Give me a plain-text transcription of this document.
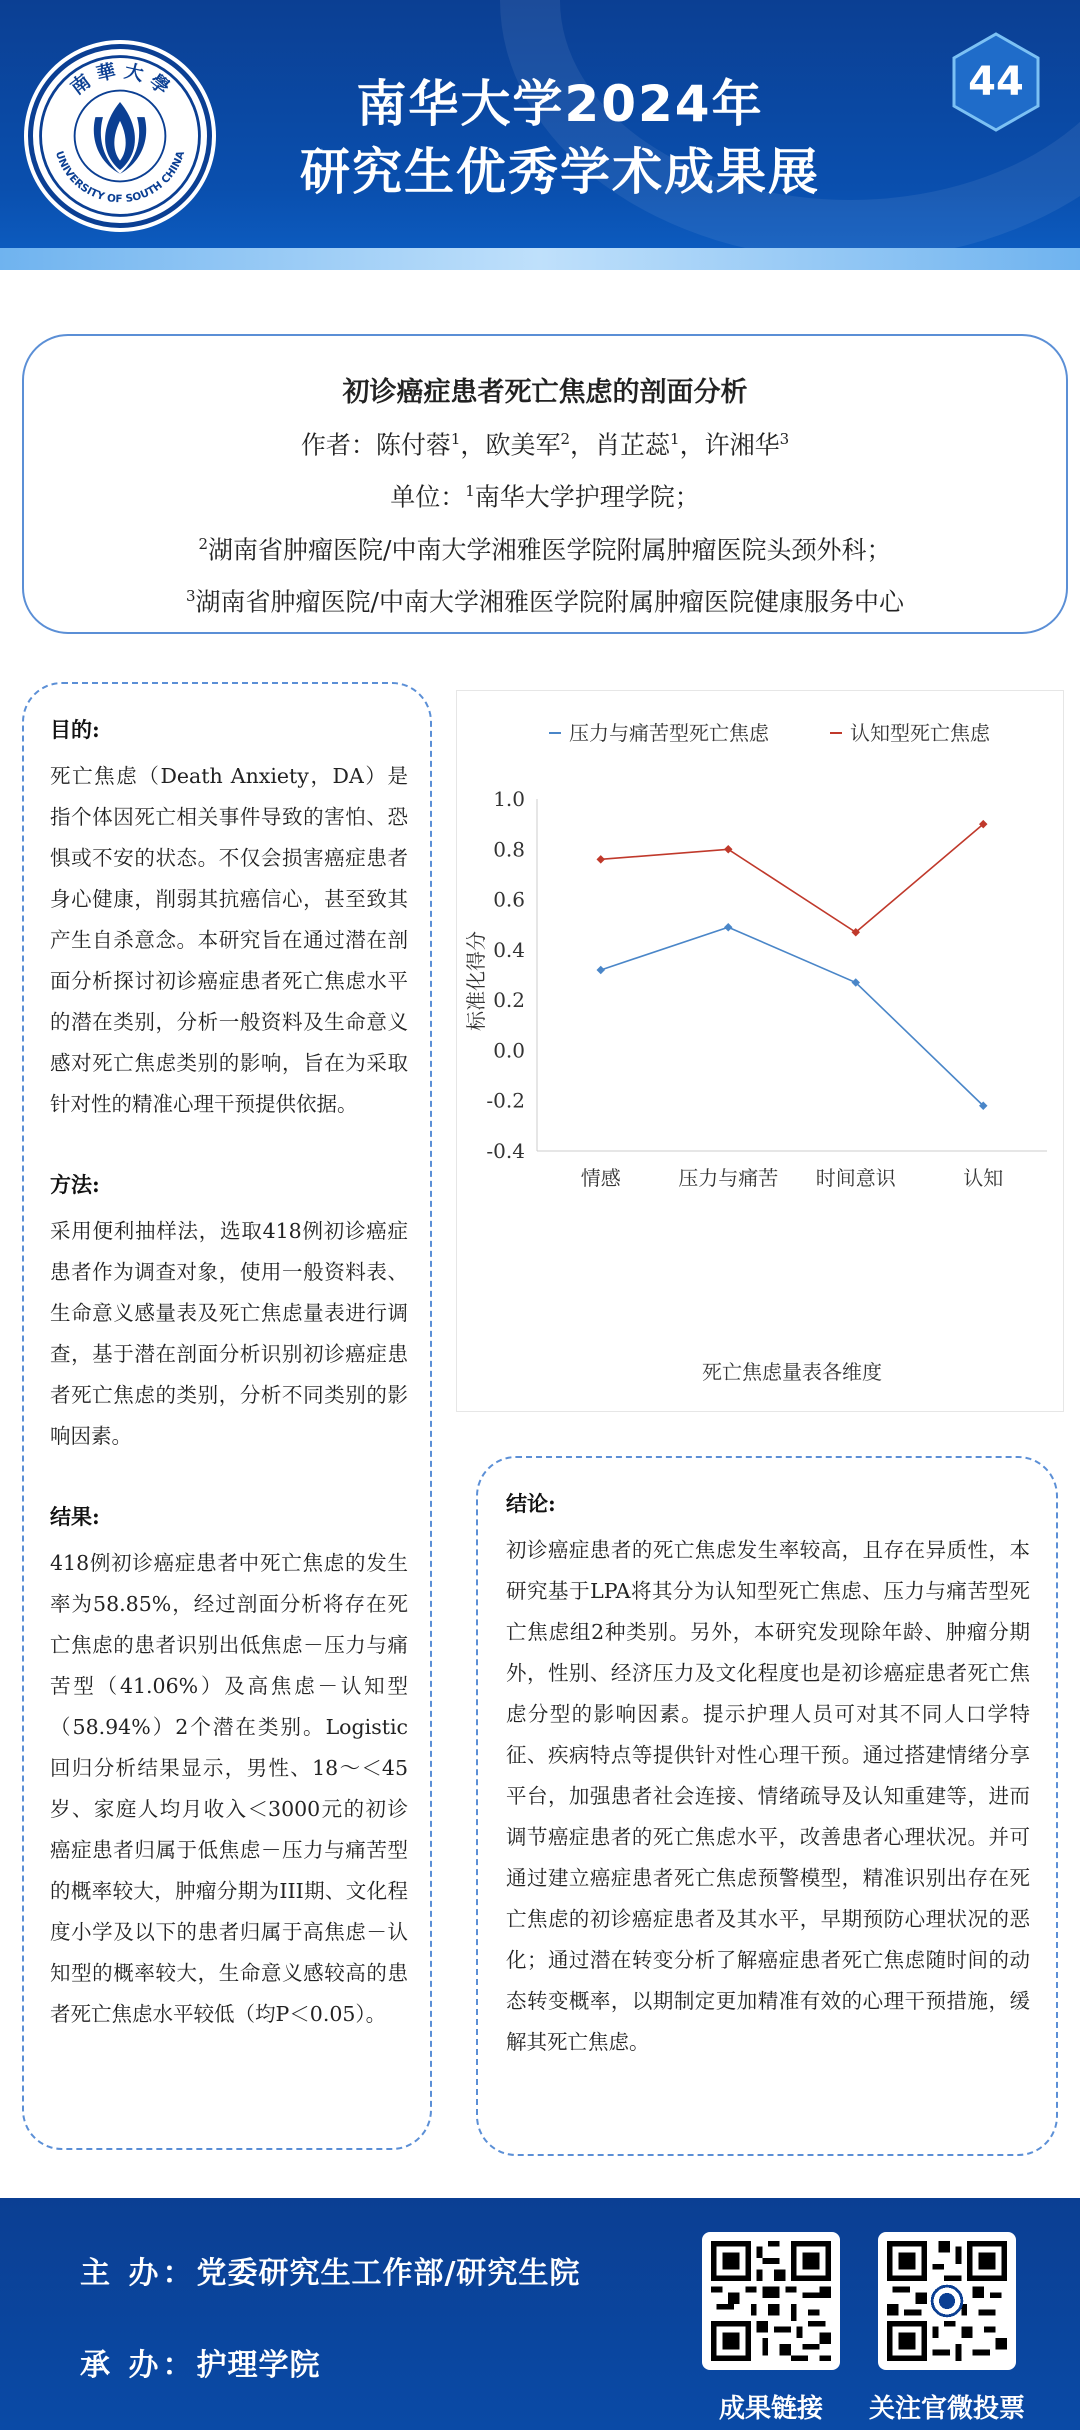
南 華 大 學
UNIVERSITY OF SOUTH CHINA
南华大学2024年
研究生优秀学术成果展
44
初诊癌症患者死亡焦虑的剖面分析
作者：陈付蓉$^1$，欧美军$^2$，肖芷蕊$^1$，许湘华$^3$
单位：$^1$南华大学护理学院；
$^2$湖南省肿瘤医院/中南大学湘雅医学院附属肿瘤医院头颈外科；
$^3$湖南省肿瘤医院/中南大学湘雅医学院附属肿瘤医院健康服务中心
目的:
死亡焦虑（Death Anxiety，DA）是指个体因死亡相关事件导致的害怕、恐惧或不安的状态。不仅会损害癌症患者身心健康，削弱其抗癌信心，甚至致其产生自杀意念。本研究旨在通过潜在剖面分析探讨初诊癌症患者死亡焦虑水平的潜在类别，分析一般资料及生命意义感对死亡焦虑类别的影响，旨在为采取针对性的精准心理干预提供依据。
方法:
采用便利抽样法，选取418例初诊癌症患者作为调查对象，使用一般资料表、生命意义感量表及死亡焦虑量表进行调查，基于潜在剖面分析识别初诊癌症患者死亡焦虑的类别，分析不同类别的影响因素。
结果:
418例初诊癌症患者中死亡焦虑的发生率为58.85%，经过剖面分析将存在死亡焦虑的患者识别出低焦虑－压力与痛苦型（41.06%）及高焦虑－认知型（58.94%）2个潜在类别。Logistic回归分析结果显示，男性、18～＜45岁、家庭人均月收入＜3000元的初诊癌症患者归属于低焦虑－压力与痛苦型的概率较大，肿瘤分期为III期、文化程度小学及以下的患者归属于高焦虑－认知型的概率较大，生命意义感较高的患者死亡焦虑水平较低（均P＜0.05）。
压力与痛苦型死亡焦虑	认知型死亡焦虑
1.0
0.8
0.6
0.4
0.2
0.0
-0.2
-0.4
情感	压力与痛苦 时间意识	认知
标准化得分
死亡焦虑量表各维度
结论:
初诊癌症患者的死亡焦虑发生率较高，且存在异质性，本研究基于LPA将其分为认知型死亡焦虑、压力与痛苦型死亡焦虑组2种类别。另外，本研究发现除年龄、肿瘤分期外，性别、经济压力及文化程度也是初诊癌症患者死亡焦虑分型的影响因素。提示护理人员可对其不同人口学特征、疾病特点等提供针对性心理干预。通过搭建情绪分享平台，加强患者社会连接、情绪疏导及认知重建等，进而调节癌症患者的死亡焦虑水平，改善患者心理状况。并可通过建立癌症患者死亡焦虑预警模型，精准识别出存在死亡焦虑的初诊癌症患者及其水平，早期预防心理状况的恶化；通过潜在转变分析了解癌症患者死亡焦虑随时间的动态转变概率，以期制定更加精准有效的心理干预措施，缓解其死亡焦虑。
主 办：党委研究生工作部/研究生院
承 办：护理学院
成果链接	关注官微投票
